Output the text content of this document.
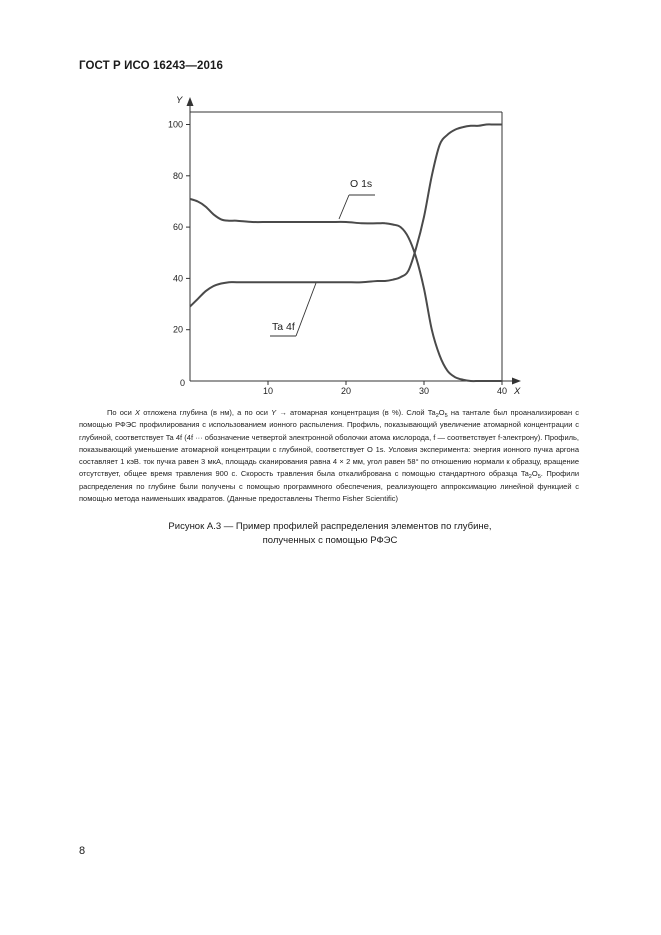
ГОСТ Р ИСО 16243—2016
20
40
60
80
100
10	20	30	40
0
Y
X
O 1s
Ta 4f

По оси X отложена глубина (в нм), а по оси Y → атомарная концентрация (в %). Слой $Ta_2O_5$ на тантале был проанализирован с помощью РФЭС профилирования с использованием ионного распыления. Профиль, показывающий увеличение атомарной концентрации с глубиной, соответствует Ta 4f (4f ··· обозначение четвертой электронной оболочки атома кислорода, f — соответствует f-электрону). Профиль, показывающий уменьшение атомарной концентрации с глубиной, соответствует O 1s. Условия эксперимента: энергия ионного пучка аргона составляет 1 кэВ. ток пучка равен 3 мкА, площадь сканирования равна 4 × 2 мм, угол равен 58° по отношению нормали к образцу, вращение отсутствует, общее время травления 900 с. Скорость травления была откалибрована с помощью стандартного образца $Ta_2O_5$. Профили распределения по глубине были получены с помощью программного обеспечения, реализующего аппроксимацию линейной функцией с помощью метода наименьших квадратов. (Данные предоставлены Thermo Fisher Scientific)

Рисунок А.3 — Пример профилей распределения элементов по глубине,
полученных с помощью РФЭС
8
